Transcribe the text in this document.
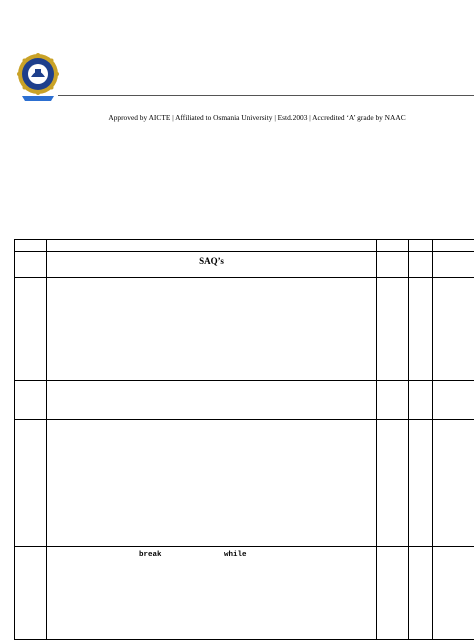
Approved by AICTE | Affiliated to Osmania University | Estd.2003 | Accredited ‘A’ grade by NAAC

	SAQ’s			

	break while			
